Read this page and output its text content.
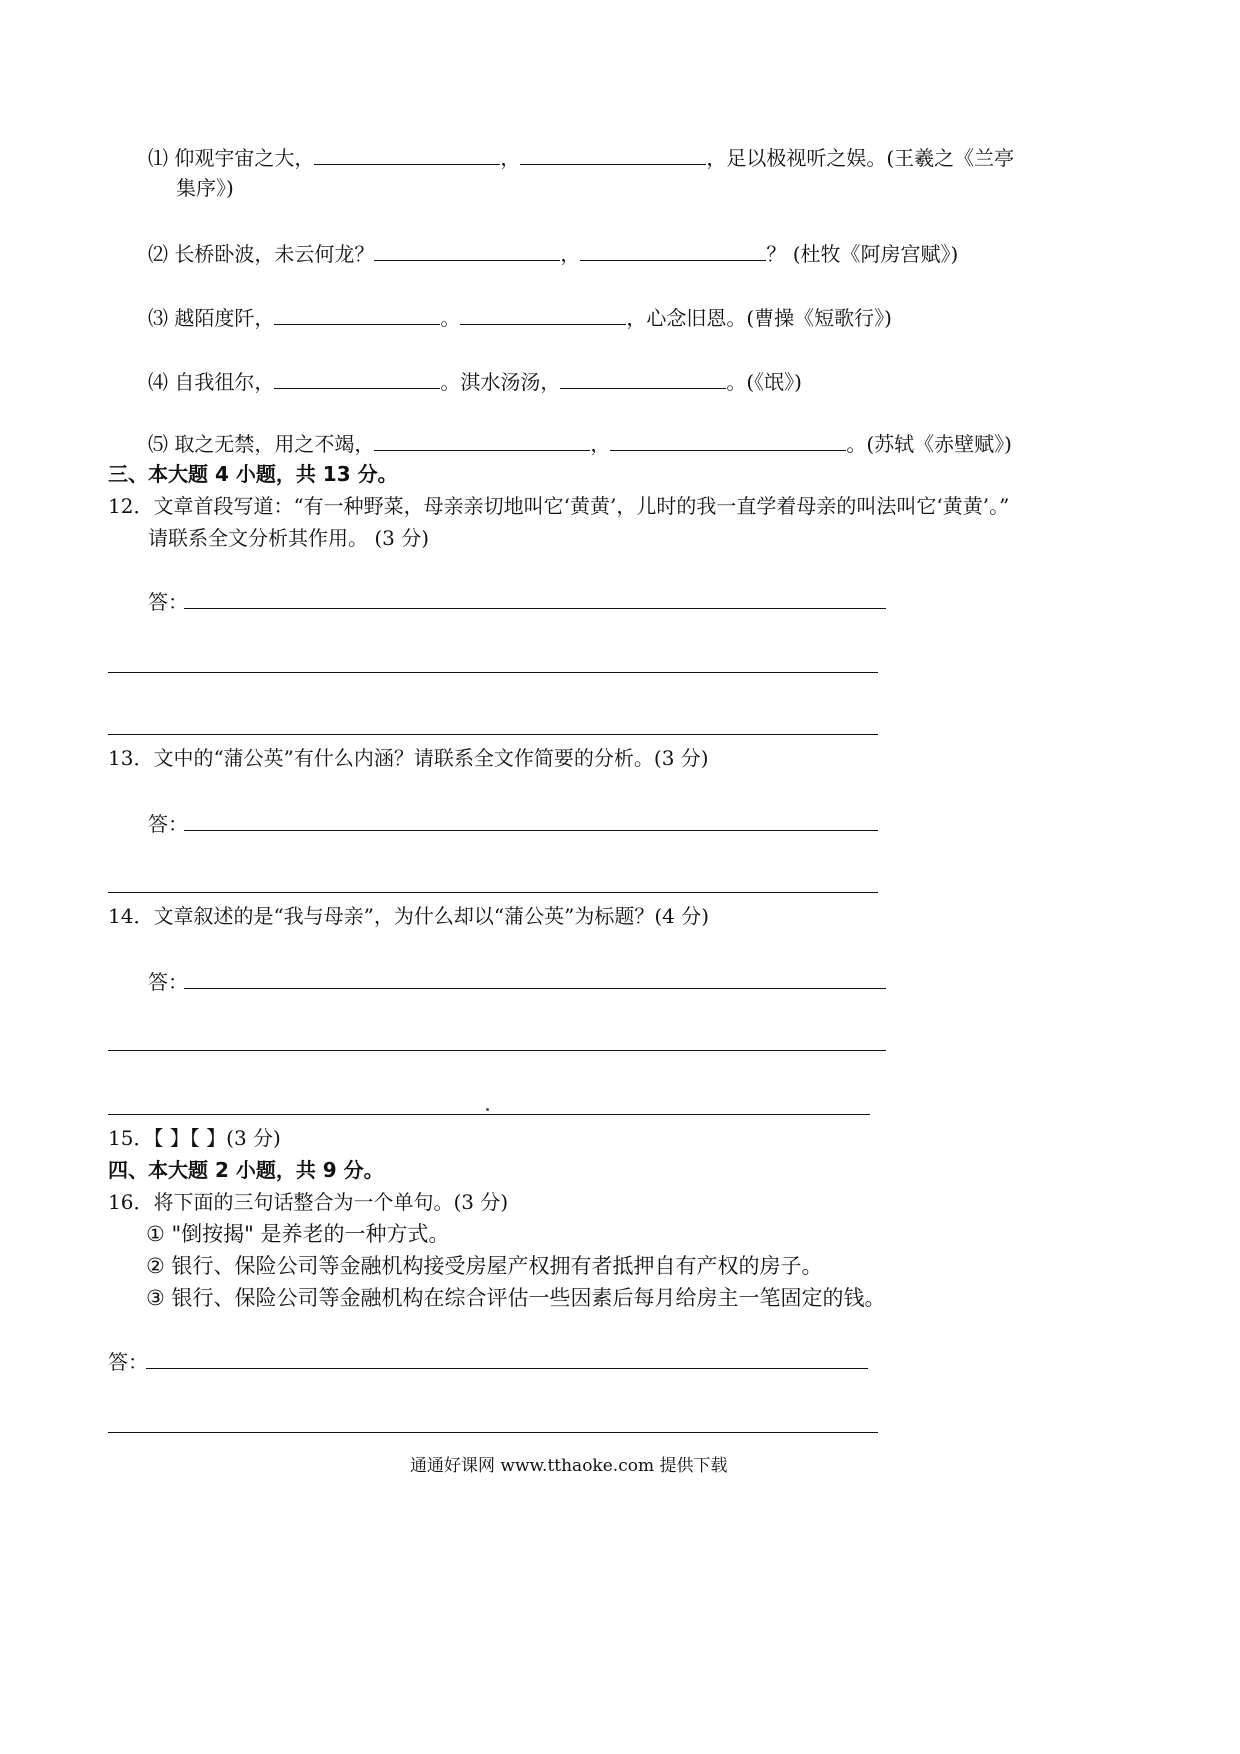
⑴ 仰观宇宙之大，	，	，足以极视听之娱。(王羲之《兰亭
集序》)
⑵ 长桥卧波，未云何龙？	，	？ (杜牧《阿房宫赋》)
⑶ 越陌度阡，	。	，心念旧恩。(曹操《短歌行》)
⑷ 自我徂尔，	。淇水汤汤，	。(《氓》)
⑸ 取之无禁，用之不竭，	，	。(苏轼《赤壁赋》)
三、本大题 4 小题，共 13 分。
12．文章首段写道：“有一种野菜，母亲亲切地叫它‘黄黄’，儿时的我一直学着母亲的叫法叫它‘黄黄’。”
请联系全文分析其作用。 (3 分)
答：
13．文中的“蒲公英”有什么内涵？请联系全文作简要的分析。(3 分)
答：
14．文章叙述的是“我与母亲”，为什么却以“蒲公英”为标题？(4 分)
答：
15．【 】【 】(3 分)
四、本大题 2 小题，共 9 分。
16．将下面的三句话整合为一个单句。(3 分)
① "倒按揭" 是养老的一种方式。
② 银行、保险公司等金融机构接受房屋产权拥有者抵押自有产权的房子。
③ 银行、保险公司等金融机构在综合评估一些因素后每月给房主一笔固定的钱。
答：
通通好课网 www.tthaoke.com 提供下载
